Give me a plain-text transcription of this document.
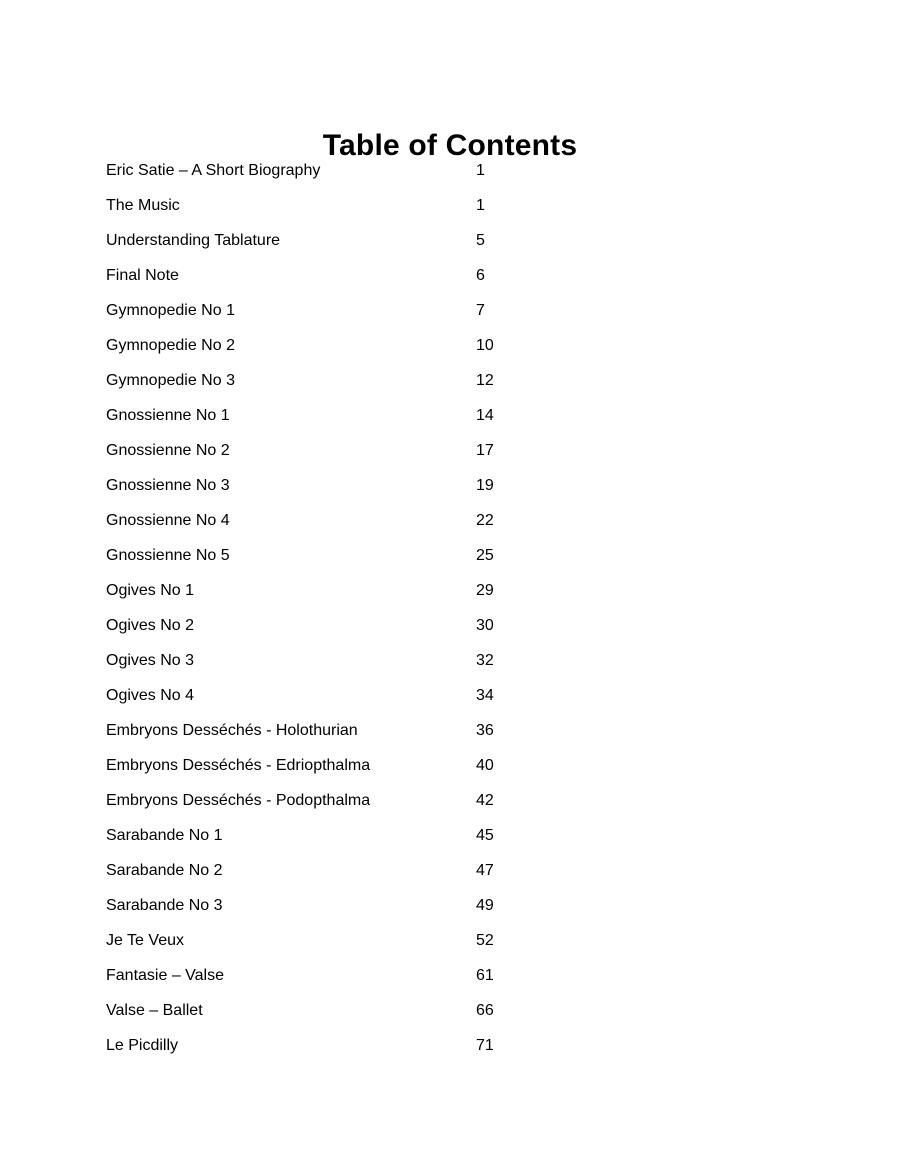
Table of Contents
Eric Satie – A Short Biography	1
The Music	1
Understanding Tablature	5
Final Note	6
Gymnopedie No 1	7
Gymnopedie No 2	10
Gymnopedie No 3	12
Gnossienne No 1	14
Gnossienne No 2	17
Gnossienne No 3	19
Gnossienne No 4	22
Gnossienne No 5	25
Ogives No 1	29
Ogives No 2	30
Ogives No 3	32
Ogives No 4	34
Embryons Desséchés - Holothurian	36
Embryons Desséchés - Edriopthalma	40
Embryons Desséchés - Podopthalma	42
Sarabande No 1	45
Sarabande No 2	47
Sarabande No 3	49
Je Te Veux	52
Fantasie – Valse	61
Valse – Ballet	66
Le Picdilly	71
